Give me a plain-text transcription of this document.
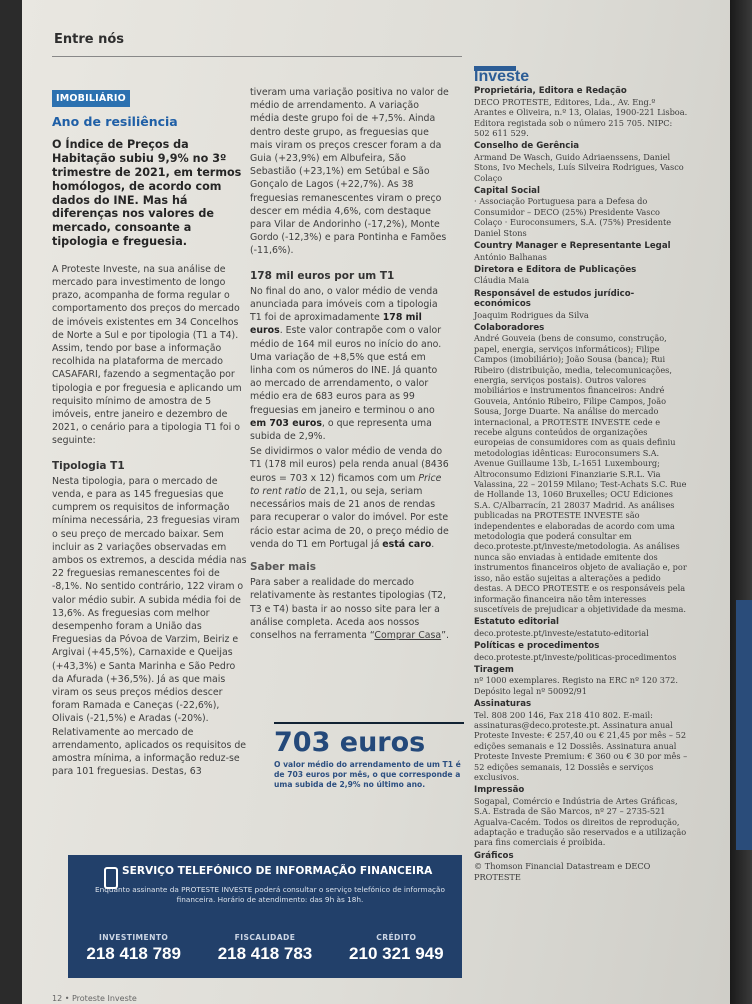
Entre nós
IMOBILIÁRIO
Ano de resiliência
O Índice de Preços da Habitação subiu 9,9% no 3º trimestre de 2021, em termos homólogos, de acordo com dados do INE. Mas há diferenças nos valores de mercado, consoante a tipologia e freguesia.

A Proteste Investe, na sua análise de mercado para investimento de longo prazo, acompanha de forma regular o comportamento dos preços do mercado de imóveis existentes em 34 Concelhos de Norte a Sul e por tipologia (T1 a T4). Assim, tendo por base a informação recolhida na plataforma de mercado CASAFARI, fazendo a segmentação por tipologia e por freguesia e aplicando um requisito mínimo de amostra de 5 imóveis, entre janeiro e dezembro de 2021, o cenário para a tipologia T1 foi o seguinte:

Tipologia T1

Nesta tipologia, para o mercado de venda, e para as 145 freguesias que cumprem os requisitos de informação mínima necessária, 23 freguesias viram o seu preço de mercado baixar. Sem incluir as 2 variações observadas em ambos os extremos, a descida média nas 22 freguesias remanescentes foi de -8,1%. No sentido contrário, 122 viram o valor médio subir. A subida média foi de 13,6%. As freguesias com melhor desempenho foram a União das Freguesias da Póvoa de Varzim, Beiriz e Argivai (+45,5%), Carnaxide e Queijas (+43,3%) e Santa Marinha e São Pedro da Afurada (+36,5%). Já as que mais viram os seus preços médios descer foram Ramada e Caneças (-22,6%), Olivais (-21,5%) e Aradas (-20%). Relativamente ao mercado de arrendamento, aplicados os requisitos de amostra mínima, a informação reduz-se para 101 freguesias. Destas, 63

tiveram uma variação positiva no valor de médio de arrendamento. A variação média deste grupo foi de +7,5%. Ainda dentro deste grupo, as freguesias que mais viram os preços crescer foram a da Guia (+23,9%) em Albufeira, São Sebastião (+23,1%) em Setúbal e São Gonçalo de Lagos (+22,7%). As 38 freguesias remanescentes viram o preço descer em média 4,6%, com destaque para Vilar de Andorinho (-17,2%), Monte Gordo (-12,3%) e para Pontinha e Famões (-11,6%).

178 mil euros por um T1

No final do ano, o valor médio de venda anunciada para imóveis com a tipologia T1 foi de aproximadamente 178 mil euros. Este valor contrapõe com o valor médio de 164 mil euros no início do ano. Uma variação de +8,5% que está em linha com os números do INE. Já quanto ao mercado de arrendamento, o valor médio era de 683 euros para as 99 freguesias em janeiro e terminou o ano em 703 euros, o que representa uma subida de 2,9%.

Se dividirmos o valor médio de venda do T1 (178 mil euros) pela renda anual (8436 euros = 703 x 12) ficamos com um Price to rent ratio de 21,1, ou seja, seriam necessários mais de 21 anos de rendas para recuperar o valor do imóvel. Por este rácio estar acima de 20, o preço médio de venda do T1 em Portugal já está caro.

Saber mais

Para saber a realidade do mercado relativamente às restantes tipologias (T2, T3 e T4) basta ir ao nosso site para ler a análise completa. Aceda aos nossos conselhos na ferramenta “Comprar Casa”.

703 euros
O valor médio do arrendamento de um T1 é de 703 euros por mês, o que corresponde a uma subida de 2,9% no último ano.
Investe
Proprietária, Editora e Redação
DECO PROTESTE, Editores, Lda., Av. Eng.º Arantes e Oliveira, n.º 13, Olaias, 1900-221 Lisboa. Editora registada sob o número 215 705. NIPC: 502 611 529.
Conselho de Gerência
Armand De Wasch, Guido Adriaenssens, Daniel Stons, Ivo Mechels, Luís Silveira Rodrigues, Vasco Colaço
Capital Social
· Associação Portuguesa para a Defesa do Consumidor – DECO (25%) Presidente Vasco Colaço · Euroconsumers, S.A. (75%) Presidente Daniel Stons
Country Manager e Representante Legal
António Balhanas
Diretora e Editora de Publicações
Cláudia Maia
Responsável de estudos jurídico-económicos
Joaquim Rodrigues da Silva
Colaboradores
André Gouveia (bens de consumo, construção, papel, energia, serviços informáticos); Filipe Campos (imobiliário); João Sousa (banca); Rui Ribeiro (distribuição, media, telecomunicações, energia, serviços postais). Outros valores mobiliários e instrumentos financeiros: André Gouveia, António Ribeiro, Filipe Campos, João Sousa, Jorge Duarte. Na análise do mercado internacional, a PROTESTE INVESTE cede e recebe alguns conteúdos de organizações europeias de consumidores com as quais definiu metodologias idênticas: Euroconsumers S.A. Avenue Guillaume 13b, L-1651 Luxembourg; Altroconsumo Edizioni Finanziarie S.R.L. Via Valassina, 22 – 20159 Milano; Test-Achats S.C. Rue de Hollande 13, 1060 Bruxelles; OCU Ediciones S.A. C/Albarracín, 21 28037 Madrid. As análises publicadas na PROTESTE INVESTE são independentes e elaboradas de acordo com uma metodologia que poderá consultar em deco.proteste.pt/investe/metodologia. As análises nunca são enviadas à entidade emitente dos instrumentos financeiros objeto de avaliação e, por isso, não estão sujeitas a alterações a pedido destas. A DECO PROTESTE e os responsáveis pela informação financeira não têm interesses suscetíveis de prejudicar a objetividade da mesma.
Estatuto editorial
deco.proteste.pt/investe/estatuto-editorial
Políticas e procedimentos
deco.proteste.pt/investe/politicas-procedimentos
Tiragem
nº 1000 exemplares. Registo na ERC nº 120 372. Depósito legal nº 50092/91
Assinaturas
Tel. 808 200 146, Fax 218 410 802. E-mail: assinaturas@deco.proteste.pt. Assinatura anual Proteste Investe: € 257,40 ou € 21,45 por mês – 52 edições semanais e 12 Dossiês. Assinatura anual Proteste Investe Premium: € 360 ou € 30 por mês – 52 edições semanais, 12 Dossiês e serviços exclusivos.
Impressão
Sogapal, Comércio e Indústria de Artes Gráficas, S.A. Estrada de São Marcos, nº 27 – 2735-521 Agualva-Cacém. Todos os direitos de reprodução, adaptação e tradução são reservados e a utilização para fins comerciais é proibida.
Gráficos
© Thomson Financial Datastream e DECO PROTESTE
SERVIÇO TELEFÓNICO DE INFORMAÇÃO FINANCEIRA
Enquanto assinante da PROTESTE INVESTE poderá consultar o serviço telefónico de informação financeira. Horário de atendimento: das 9h às 18h.
INVESTIMENTO
218 418 789
FISCALIDADE
218 418 783
CRÉDITO
210 321 949
12 • Proteste Investe
